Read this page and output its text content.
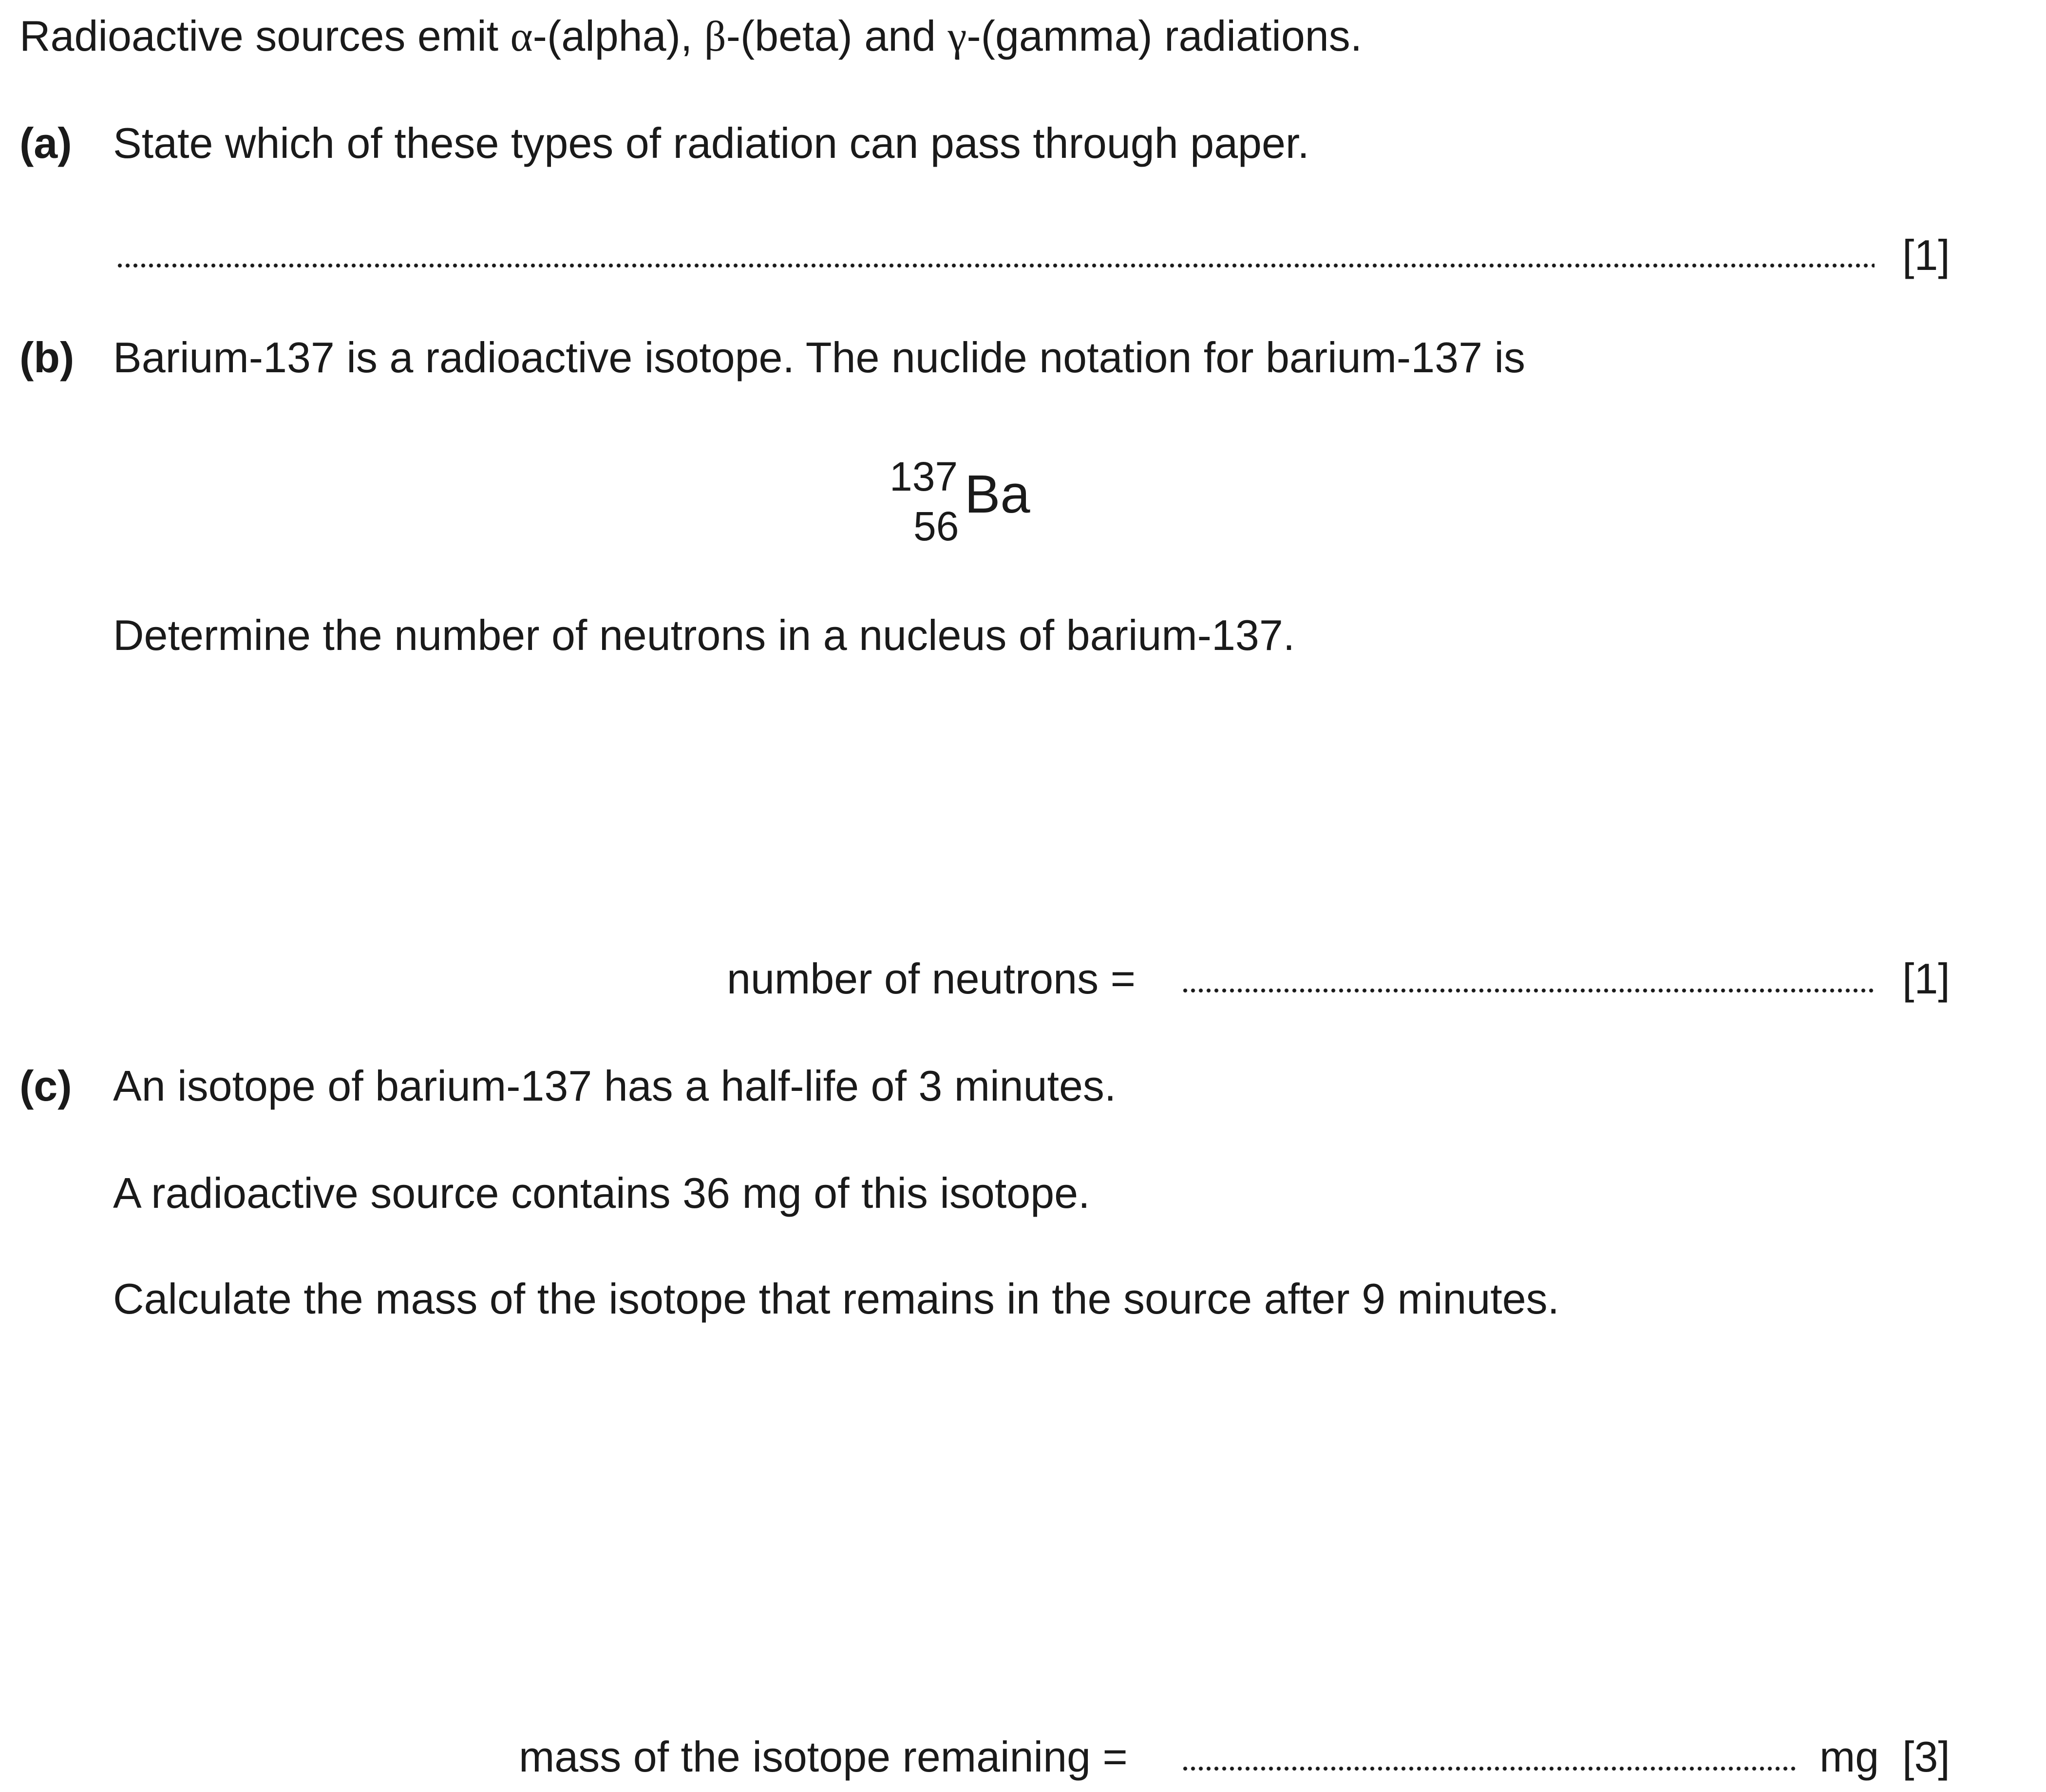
Radioactive sources emit α-(alpha), β-(beta) and γ-(gamma) radiations.
(a) State which of these types of radiation can pass through paper.
[1]
(b) Barium-137 is a radioactive isotope. The nuclide notation for barium-137 is
137
56
Ba
Determine the number of neutrons in a nucleus of barium-137.
number of neutrons =	[1]
(c) An isotope of barium-137 has a half-life of 3 minutes.
A radioactive source contains 36 mg of this isotope.
Calculate the mass of the isotope that remains in the source after 9 minutes.
mass of the isotope remaining =	mg [3]
